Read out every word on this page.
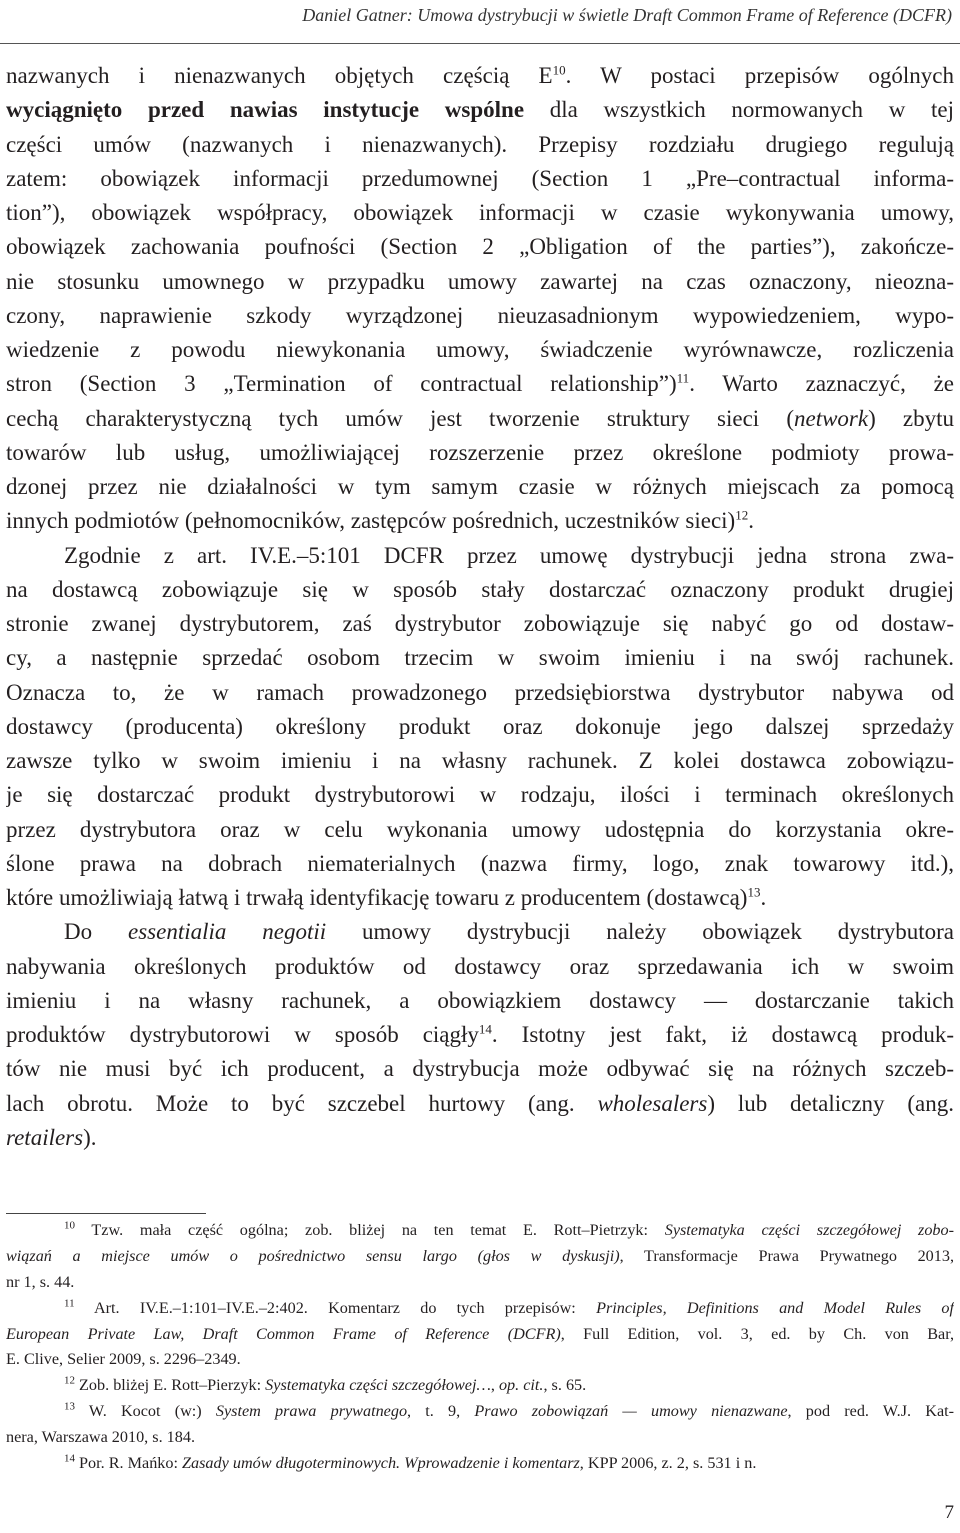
Daniel Gatner: Umowa dystrybucji w świetle Draft Common Frame of Reference (DCFR)
nazwanych i nienazwanych objętych częścią $E^{10}$. W postaci przepisów ogólnych
wyciągnięto przed nawias instytucje wspólne dla wszystkich normowanych w tej
części umów (nazwanych i nienazwanych). Przepisy rozdziału drugiego regulują
zatem: obowiązek informacji przedumownej (Section 1 „Pre–contractual informa-
tion”), obowiązek współpracy, obowiązek informacji w czasie wykonywania umowy,
obowiązek zachowania poufności (Section 2 „Obligation of the parties”), zakończe-
nie stosunku umownego w przypadku umowy zawartej na czas oznaczony, nieozna-
czony, naprawienie szkody wyrządzonej nieuzasadnionym wypowiedzeniem, wypo-
wiedzenie z powodu niewykonania umowy, świadczenie wyrównawcze, rozliczenia
stron (Section 3 „Termination of contractual relationship”)$^{11}$. Warto zaznaczyć, że
cechą charakterystyczną tych umów jest tworzenie struktury sieci (network) zbytu
towarów lub usług, umożliwiającej rozszerzenie przez określone podmioty prowa-
dzonej przez nie działalności w tym samym czasie w różnych miejscach za pomocą
innych podmiotów (pełnomocników, zastępców pośrednich, uczestników sieci)$^{12}$.
Zgodnie z art. IV.E.–5:101 DCFR przez umowę dystrybucji jedna strona zwa-
na dostawcą zobowiązuje się w sposób stały dostarczać oznaczony produkt drugiej
stronie zwanej dystrybutorem, zaś dystrybutor zobowiązuje się nabyć go od dostaw-
cy, a następnie sprzedać osobom trzecim w swoim imieniu i na swój rachunek.
Oznacza to, że w ramach prowadzonego przedsiębiorstwa dystrybutor nabywa od
dostawcy (producenta) określony produkt oraz dokonuje jego dalszej sprzedaży
zawsze tylko w swoim imieniu i na własny rachunek. Z kolei dostawca zobowiązu-
je się dostarczać produkt dystrybutorowi w rodzaju, ilości i terminach określonych
przez dystrybutora oraz w celu wykonania umowy udostępnia do korzystania okre-
ślone prawa na dobrach niematerialnych (nazwa firmy, logo, znak towarowy itd.),
które umożliwiają łatwą i trwałą identyfikację towaru z producentem (dostawcą)$^{13}$.
Do essentialia negotii umowy dystrybucji należy obowiązek dystrybutora
nabywania określonych produktów od dostawcy oraz sprzedawania ich w swoim
imieniu i na własny rachunek, a obowiązkiem dostawcy — dostarczanie takich
produktów dystrybutorowi w sposób ciągły$^{14}$. Istotny jest fakt, iż dostawcą produk-
tów nie musi być ich producent, a dystrybucja może odbywać się na różnych szczeb-
lach obrotu. Może to być szczebel hurtowy (ang. wholesalers) lub detaliczny (ang.
retailers).
$^{10}$ Tzw. mała część ogólna; zob. bliżej na ten temat E. Rott–Pietrzyk: Systematyka części szczegółowej zobo-
wiązań a miejsce umów o pośrednictwo sensu largo (głos w dyskusji), Transformacje Prawa Prywatnego 2013,
nr 1, s. 44.
$^{11}$ Art. IV.E.–1:101–IV.E.–2:402. Komentarz do tych przepisów: Principles, Definitions and Model Rules of
European Private Law, Draft Common Frame of Reference (DCFR), Full Edition, vol. 3, ed. by Ch. von Bar,
E. Clive, Selier 2009, s. 2296–2349.
$^{12}$ Zob. bliżej E. Rott–Pierzyk: Systematyka części szczegółowej…, op. cit., s. 65.
$^{13}$ W. Kocot (w:) System prawa prywatnego, t. 9, Prawo zobowiązań — umowy nienazwane, pod red. W.J. Kat-
nera, Warszawa 2010, s. 184.
$^{14}$ Por. R. Mańko: Zasady umów długoterminowych. Wprowadzenie i komentarz, KPP 2006, z. 2, s. 531 i n.
7
